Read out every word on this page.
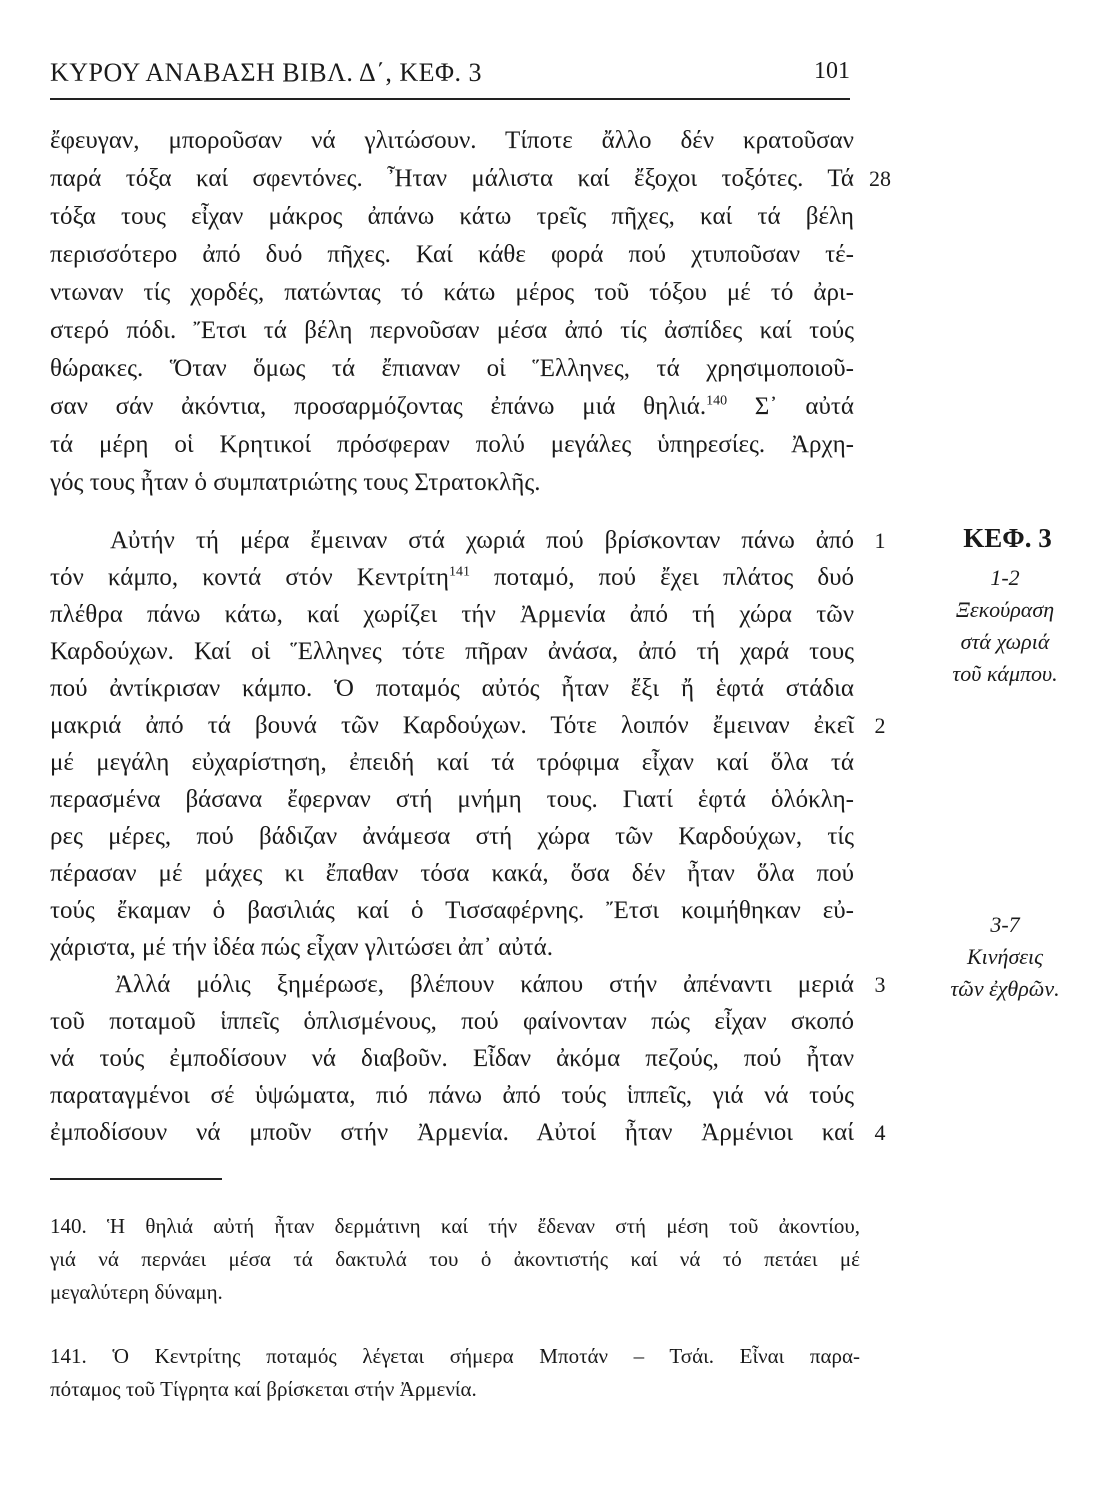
ΚΥΡΟΥ ΑΝΑΒΑΣΗ ΒΙΒΛ. Δ΄, ΚΕΦ. 3	101
ἔφευγαν, μποροῦσαν νά γλιτώσουν. Τίποτε ἄλλο δέν κρατοῦσαν
παρά τόξα καί σφεντόνες. Ἦταν μάλιστα καί ἔξοχοι τοξότες. Τά
τόξα τους εἶχαν μάκρος ἀπάνω κάτω τρεῖς πῆχες, καί τά βέλη
περισσότερο ἀπό δυό πῆχες. Καί κάθε φορά πού χτυποῦσαν τέ-
ντωναν τίς χορδές, πατώντας τό κάτω μέρος τοῦ τόξου μέ τό ἀρι-
στερό πόδι. Ἔτσι τά βέλη περνοῦσαν μέσα ἀπό τίς ἀσπίδες καί τούς
θώρακες. Ὅταν ὅμως τά ἔπιαναν οἱ Ἕλληνες, τά χρησιμοποιοῦ-
σαν σάν ἀκόντια, προσαρμόζοντας ἐπάνω μιά θηλιά.$^{140}$ Σ᾽ αὐτά
τά μέρη οἱ Κρητικοί πρόσφεραν πολύ μεγάλες ὑπηρεσίες. Ἀρχη-
γός τους ἦταν ὁ συμπατριώτης τους Στρατοκλῆς.
28
Αὐτήν τή μέρα ἔμειναν στά χωριά πού βρίσκονταν πάνω ἀπό
τόν κάμπο, κοντά στόν Κεντρίτη$^{141}$ ποταμό, πού ἔχει πλάτος δυό
πλέθρα πάνω κάτω, καί χωρίζει τήν Ἀρμενία ἀπό τή χώρα τῶν
Καρδούχων. Καί οἱ Ἕλληνες τότε πῆραν ἀνάσα, ἀπό τή χαρά τους
πού ἀντίκρισαν κάμπο. Ὁ ποταμός αὐτός ἦταν ἔξι ἤ ἑφτά στάδια
μακριά ἀπό τά βουνά τῶν Καρδούχων. Τότε λοιπόν ἔμειναν ἐκεῖ
μέ μεγάλη εὐχαρίστηση, ἐπειδή καί τά τρόφιμα εἶχαν καί ὅλα τά
περασμένα βάσανα ἔφερναν στή μνήμη τους. Γιατί ἑφτά ὁλόκλη-
ρες μέρες, πού βάδιζαν ἀνάμεσα στή χώρα τῶν Καρδούχων, τίς
πέρασαν μέ μάχες κι ἔπαθαν τόσα κακά, ὅσα δέν ἦταν ὅλα πού
τούς ἔκαμαν ὁ βασιλιάς καί ὁ Τισσαφέρνης. Ἔτσι κοιμήθηκαν εὐ-
χάριστα, μέ τήν ἰδέα πώς εἶχαν γλιτώσει ἀπ᾽ αὐτά.
1
2
Ἀλλά μόλις ξημέρωσε, βλέπουν κάπου στήν ἀπέναντι μεριά
τοῦ ποταμοῦ ἱππεῖς ὁπλισμένους, πού φαίνονταν πώς εἶχαν σκοπό
νά τούς ἐμποδίσουν νά διαβοῦν. Εἶδαν ἀκόμα πεζούς, πού ἦταν
παραταγμένοι σέ ὑψώματα, πιό πάνω ἀπό τούς ἱππεῖς, γιά νά τούς
ἐμποδίσουν νά μποῦν στήν Ἀρμενία. Αὐτοί ἦταν Ἀρμένιοι καί
3
4
ΚΕΦ. 3
1-2
Ξεκούραση
στά χωριά
τοῦ κάμπου.
3-7
Κινήσεις
τῶν ἐχθρῶν.
140. Ἡ θηλιά αὐτή ἦταν δερμάτινη καί τήν ἔδεναν στή μέση τοῦ ἀκοντίου,
γιά νά περνάει μέσα τά δακτυλά του ὁ ἀκοντιστής καί νά τό πετάει μέ
μεγαλύτερη δύναμη.
141. Ὁ Κεντρίτης ποταμός λέγεται σήμερα Μποτάν – Τσάι. Εἶναι παρα-
πόταμος τοῦ Τίγρητα καί βρίσκεται στήν Ἀρμενία.
